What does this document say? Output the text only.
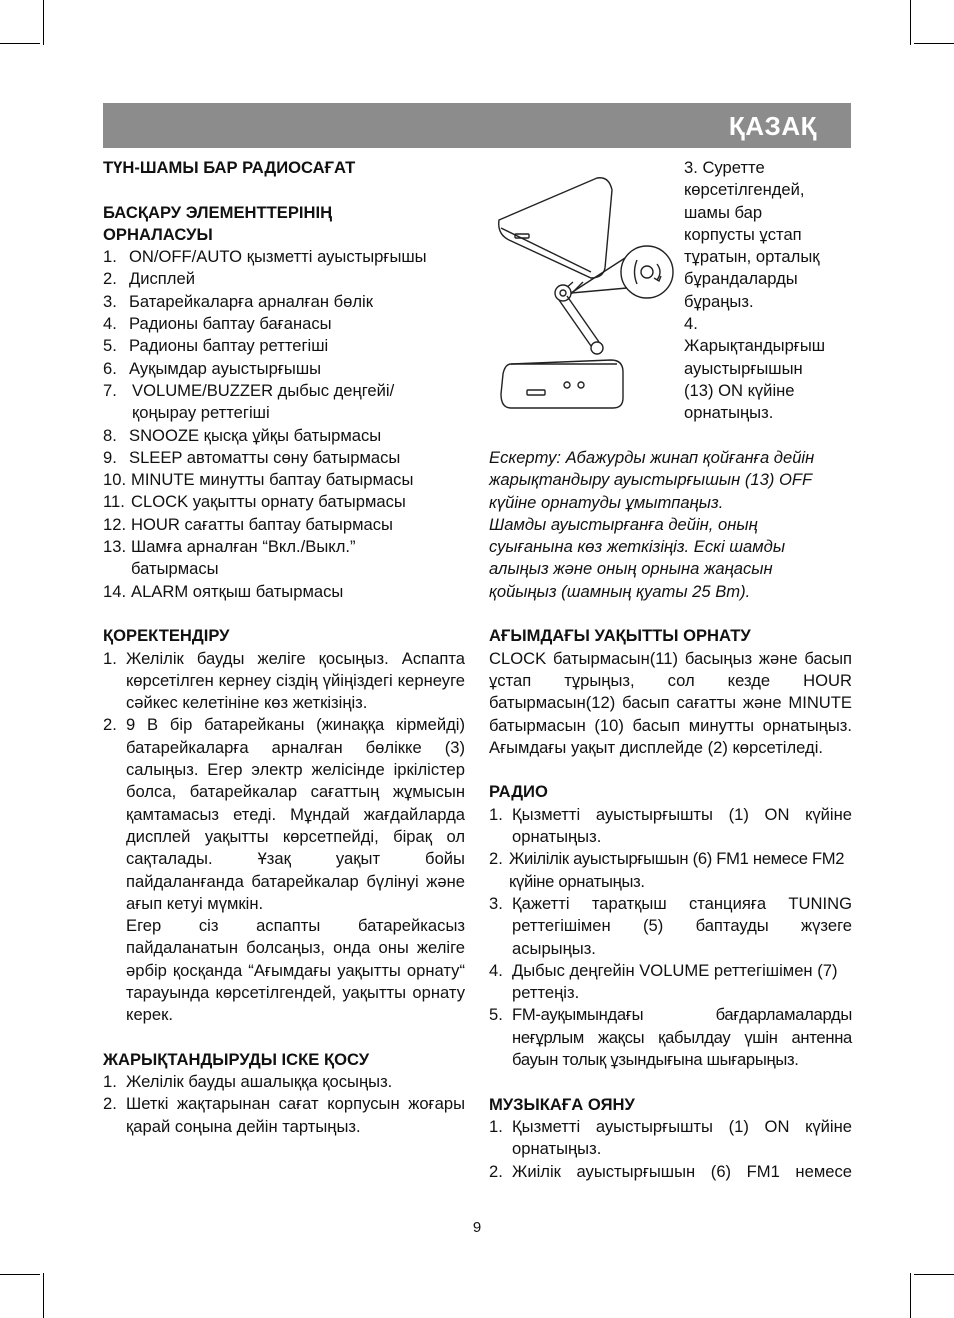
ҚАЗАҚ
ТҮН-ШАМЫ БАР РАДИОСАҒАТ
БАСҚАРУ ЭЛЕМЕНТТЕРІНІҢ
ОРНАЛАСУЫ
1. ON/OFF/AUTO қызметті ауыстырғышы
2. Дисплей
3. Батарейкаларға арналған бөлік
4. Радионы баптау бағанасы
5. Радионы баптау реттегіші
6. Ауқымдар ауыстырғышы
7. VOLUME/BUZZER дыбыс деңгейі/ қоңырау реттегіші
8. SNOOZE қысқа ұйқы батырмасы
9. SLEEP автоматты сөну батырмасы
10. MINUTE минутты баптау батырмасы
11. CLOCK уақытты орнату батырмасы
12. HOUR сағатты баптау батырмасы
13. Шамға арналған “Вкл./Выкл.” батырмасы
14. ALARM оятқыш батырмасы
ҚОРЕКТЕНДІРУ
1. Желілік бауды желіге қосыңыз. Аспапта көрсетілген кернеу сіздің үйіңіздегі кернеуге сәйкес келетініне көз жеткізіңіз.
2. 9 В бір батарейканы (жинаққа кірмейді) батарейкаларға арналған бөлікке (3) салыңыз. Егер электр желісінде іркілістер болса, батарейкалар сағаттың жұмысын қамтамасыз етеді. Мұндай жағдайларда дисплей уақытты көрсетпейді, бірақ ол сақталады. Ұзақ уақыт бойы пайдаланғанда батарейкалар бүлінуі және ағып кетуі мүмкін.
Егер сіз аспапты батарейкасыз пайдаланатын болсаңыз, онда оны желіге әрбір қосқанда “Ағымдағы уақытты орнату“ тарауында көрсетілгендей, уақытты орнату керек.
ЖАРЫҚТАНДЫРУДЫ ІСКЕ ҚОСУ
1. Желілік бауды ашалыққа қосыңыз.
2. Шеткі жақтарынан сағат корпусын жоғары қарай соңына дейін тартыңыз.
3. Суретте
көрсетілгендей,
шамы бар
корпусты ұстап
тұратын, орталық
бұрандаларды
бұраңыз.
4.
Жарықтандырғыш
ауыстырғышын
(13) ON күйіне
орнатыңыз.
Ескерту: Абажурды жинап қойғанға дейін
жарықтандыру ауыстырғышын (13) OFF
күйіне орнатуды ұмытпаңыз.
Шамды ауыстырғанға дейін, оның
суығанына көз жеткізіңіз. Ескі шамды
алыңыз және оның орнына жаңасын
қойыңыз (шамның қуаты 25 Вт).
АҒЫМДАҒЫ УАҚЫТТЫ ОРНАТУ
CLOCK батырмасын(11) басыңыз және басып ұстап тұрыңыз, сол кезде HOUR батырмасын(12) басып сағатты және MINUTE батырмасын (10) басып минутты орнатыңыз. Ағымдағы уақыт дисплейде (2) көрсетіледі.
РАДИО
1. Қызметті ауыстырғышты (1) ON күйіне орнатыңыз.
2. Жиілілік ауыстырғышын (6) FM1 немесе FM2 күйіне орнатыңыз.
3. Қажетті таратқыш станцияға TUNING реттегішімен (5) баптауды жүзеге асырыңыз.
4. Дыбыс деңгейін VOLUME реттегішімен (7) реттеңіз.
5. FM-ауқымындағы бағдарламаларды неғұрлым жақсы қабылдау үшін антенна бауын толық ұзындығына шығарыңыз.
МУЗЫКАҒА ОЯНУ
1. Қызметті ауыстырғышты (1) ON күйіне орнатыңыз.
2. Жиілік ауыстырғышын (6) FM1 немесе
9
